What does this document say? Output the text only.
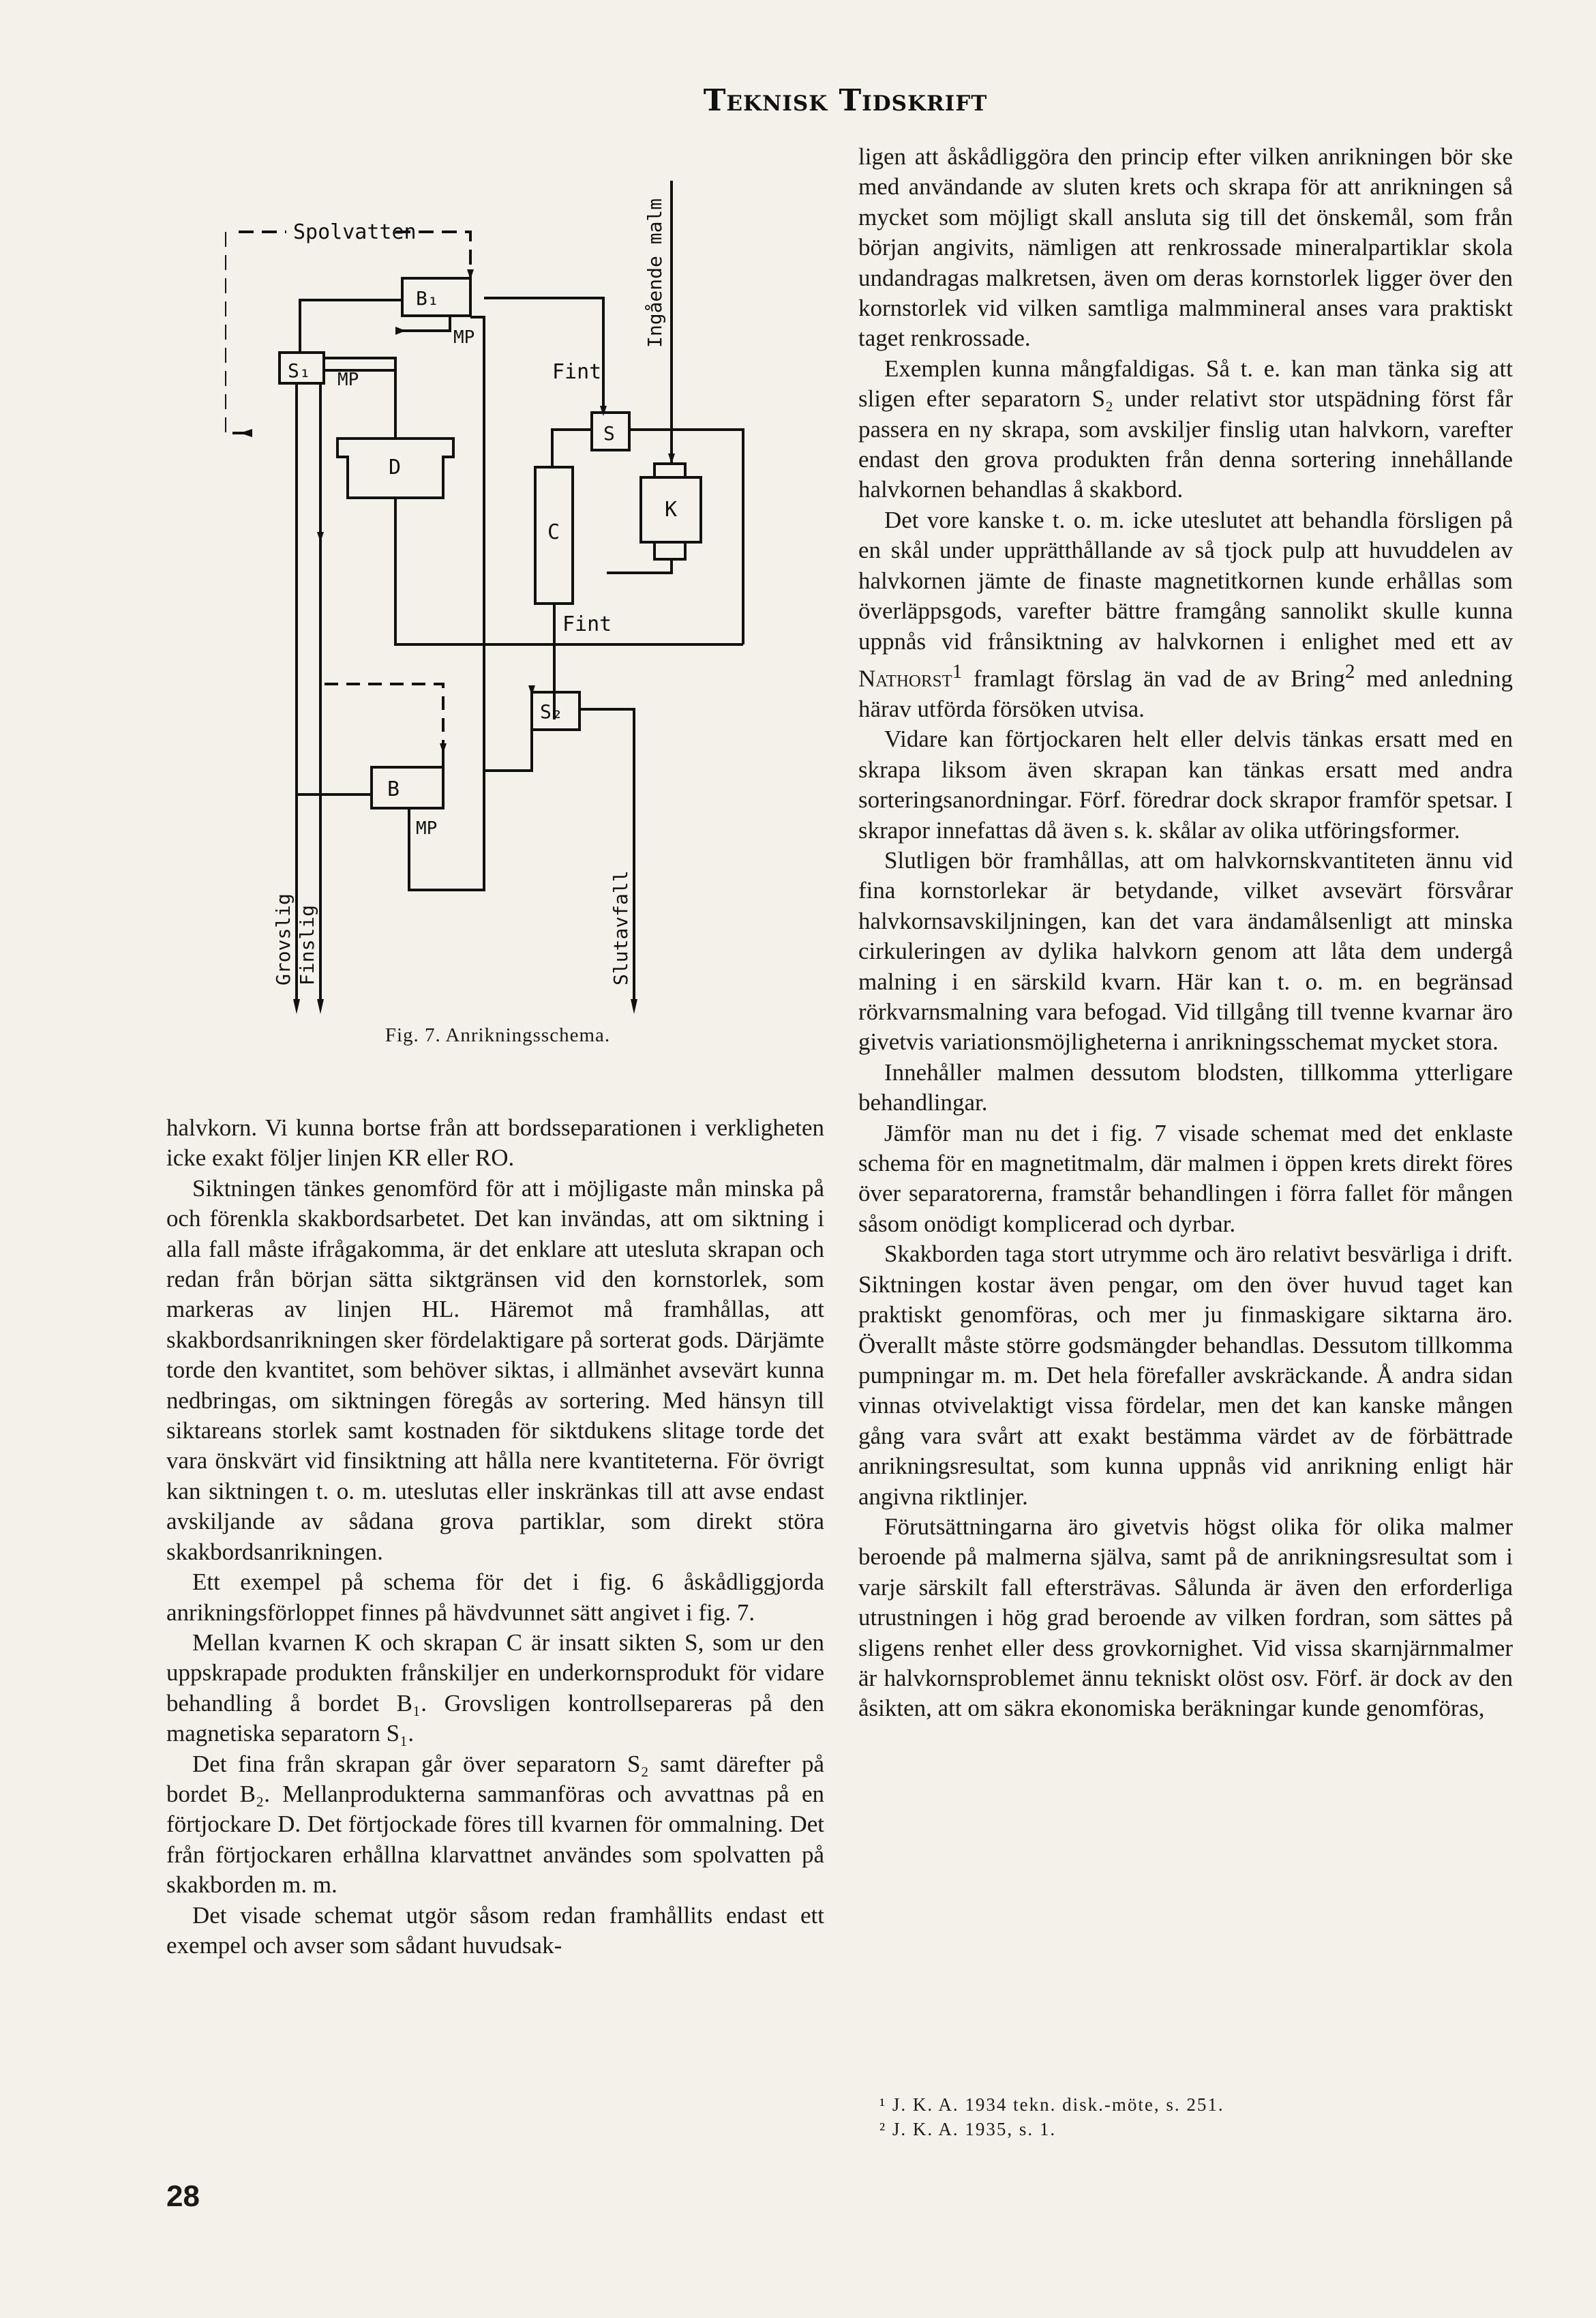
Teknisk Tidskrift
Spolvatten
B₁
MP
S₁ MP
D
Fint
S
C
K
Fint
S₂
B
MP
Ingående malm
Grovslig Finslig	Slutavfall
Fig. 7. Anrikningsschema.

halvkorn. Vi kunna bortse från att bordsseparationen i verkligheten icke exakt följer linjen KR eller RO.

Siktningen tänkes genomförd för att i möjligaste mån minska på och förenkla skakbordsarbetet. Det kan invändas, att om siktning i alla fall måste ifrågakomma, är det enklare att utesluta skrapan och redan från början sätta siktgränsen vid den kornstorlek, som markeras av linjen HL. Häremot må framhållas, att skakbordsanrikningen sker fördelaktigare på sorterat gods. Därjämte torde den kvantitet, som behöver siktas, i allmänhet avsevärt kunna nedbringas, om siktningen föregås av sortering. Med hänsyn till siktareans storlek samt kostnaden för siktdukens slitage torde det vara önskvärt vid finsiktning att hålla nere kvantiteterna. För övrigt kan siktningen t. o. m. uteslutas eller inskränkas till att avse endast avskiljande av sådana grova partiklar, som direkt störa skakbordsanrikningen.

Ett exempel på schema för det i fig. 6 åskådliggjorda anrikningsförloppet finnes på hävdvunnet sätt angivet i fig. 7.

Mellan kvarnen K och skrapan C är insatt sikten S, som ur den uppskrapade produkten frånskiljer en underkornsprodukt för vidare behandling å bordet B₁. Grovsligen kontrollsepareras på den magnetiska separatorn S₁.

Det fina från skrapan går över separatorn S₂ samt därefter på bordet B₂. Mellanprodukterna sammanföras och avvattnas på en förtjockare D. Det förtjockade föres till kvarnen för ommalning. Det från förtjockaren erhållna klarvattnet användes som spolvatten på skakborden m. m.

Det visade schemat utgör såsom redan framhållits endast ett exempel och avser som sådant huvudsak-

ligen att åskådliggöra den princip efter vilken anrikningen bör ske med användande av sluten krets och skrapa för att anrikningen så mycket som möjligt skall ansluta sig till det önskemål, som från början angivits, nämligen att renkrossade mineralpartiklar skola undandragas malkretsen, även om deras kornstorlek ligger över den kornstorlek vid vilken samtliga malmmineral anses vara praktiskt taget renkrossade.

Exemplen kunna mångfaldigas. Så t. e. kan man tänka sig att sligen efter separatorn S₂ under relativt stor utspädning först får passera en ny skrapa, som avskiljer finslig utan halvkorn, varefter endast den grova produkten från denna sortering innehållande halvkornen behandlas å skakbord.

Det vore kanske t. o. m. icke uteslutet att behandla försligen på en skål under upprätthållande av så tjock pulp att huvuddelen av halvkornen jämte de finaste magnetitkornen kunde erhållas som överläppsgods, varefter bättre framgång sannolikt skulle kunna uppnås vid frånsiktning av halvkornen i enlighet med ett av Nathorst$^1$ framlagt förslag än vad de av Bring$^2$ med anledning härav utförda försöken utvisa.

Vidare kan förtjockaren helt eller delvis tänkas ersatt med en skrapa liksom även skrapan kan tänkas ersatt med andra sorteringsanordningar. Förf. föredrar dock skrapor framför spetsar. I skrapor innefattas då även s. k. skålar av olika utföringsformer.

Slutligen bör framhållas, att om halvkornskvantiteten ännu vid fina kornstorlekar är betydande, vilket avsevärt försvårar halvkornsavskiljningen, kan det vara ändamålsenligt att minska cirkuleringen av dylika halvkorn genom att låta dem undergå malning i en särskild kvarn. Här kan t. o. m. en begränsad rörkvarnsmalning vara befogad. Vid tillgång till tvenne kvarnar äro givetvis variationsmöjligheterna i anrikningsschemat mycket stora.

Innehåller malmen dessutom blodsten, tillkomma ytterligare behandlingar.

Jämför man nu det i fig. 7 visade schemat med det enklaste schema för en magnetitmalm, där malmen i öppen krets direkt föres över separatorerna, framstår behandlingen i förra fallet för mången såsom onödigt komplicerad och dyrbar.

Skakborden taga stort utrymme och äro relativt besvärliga i drift. Siktningen kostar även pengar, om den över huvud taget kan praktiskt genomföras, och mer ju finmaskigare siktarna äro. Överallt måste större godsmängder behandlas. Dessutom tillkomma pumpningar m. m. Det hela förefaller avskräckande. Å andra sidan vinnas otvivelaktigt vissa fördelar, men det kan kanske mången gång vara svårt att exakt bestämma värdet av de förbättrade anrikningsresultat, som kunna uppnås vid anrikning enligt här angivna riktlinjer.

Förutsättningarna äro givetvis högst olika för olika malmer beroende på malmerna själva, samt på de anrikningsresultat som i varje särskilt fall eftersträvas. Sålunda är även den erforderliga utrustningen i hög grad beroende av vilken fordran, som sättes på sligens renhet eller dess grovkornighet. Vid vissa skarnjärnmalmer är halvkornsproblemet ännu tekniskt olöst osv. Förf. är dock av den åsikten, att om säkra ekonomiska beräkningar kunde genomföras,

¹ J. K. A. 1934 tekn. disk.-möte, s. 251.
² J. K. A. 1935, s. 1.
28
